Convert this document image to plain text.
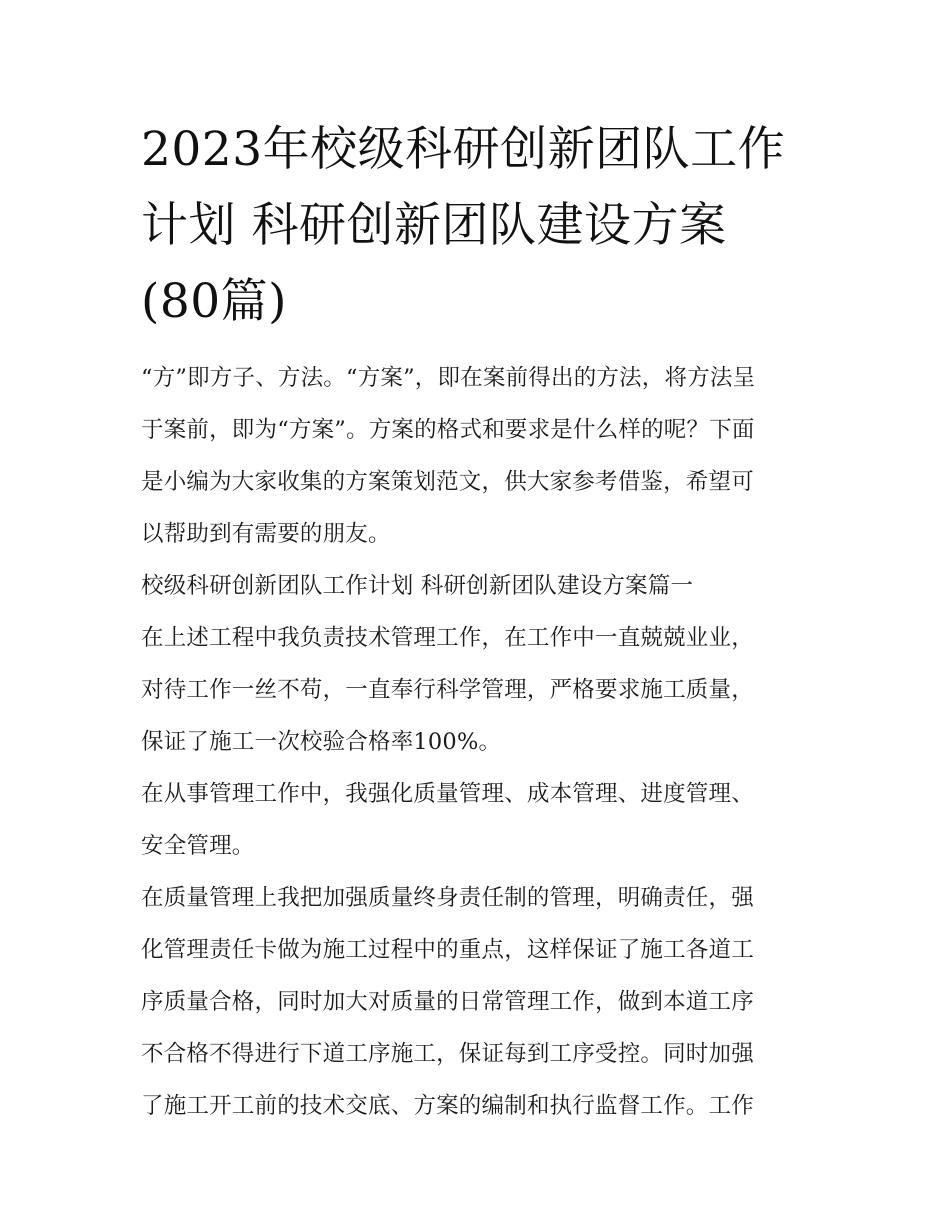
2023年校级科研创新团队工作
计划 科研创新团队建设方案
(80篇)
“方”即方子、方法。“方案”，即在案前得出的方法，将方法呈
于案前，即为“方案”。方案的格式和要求是什么样的呢？下面
是小编为大家收集的方案策划范文，供大家参考借鉴，希望可
以帮助到有需要的朋友。
校级科研创新团队工作计划 科研创新团队建设方案篇一
在上述工程中我负责技术管理工作，在工作中一直兢兢业业，
对待工作一丝不苟，一直奉行科学管理，严格要求施工质量，
保证了施工一次校验合格率100%。
在从事管理工作中，我强化质量管理、成本管理、进度管理、
安全管理。
在质量管理上我把加强质量终身责任制的管理，明确责任，强
化管理责任卡做为施工过程中的重点，这样保证了施工各道工
序质量合格，同时加大对质量的日常管理工作，做到本道工序
不合格不得进行下道工序施工，保证每到工序受控。同时加强
了施工开工前的技术交底、方案的编制和执行监督工作。工作
